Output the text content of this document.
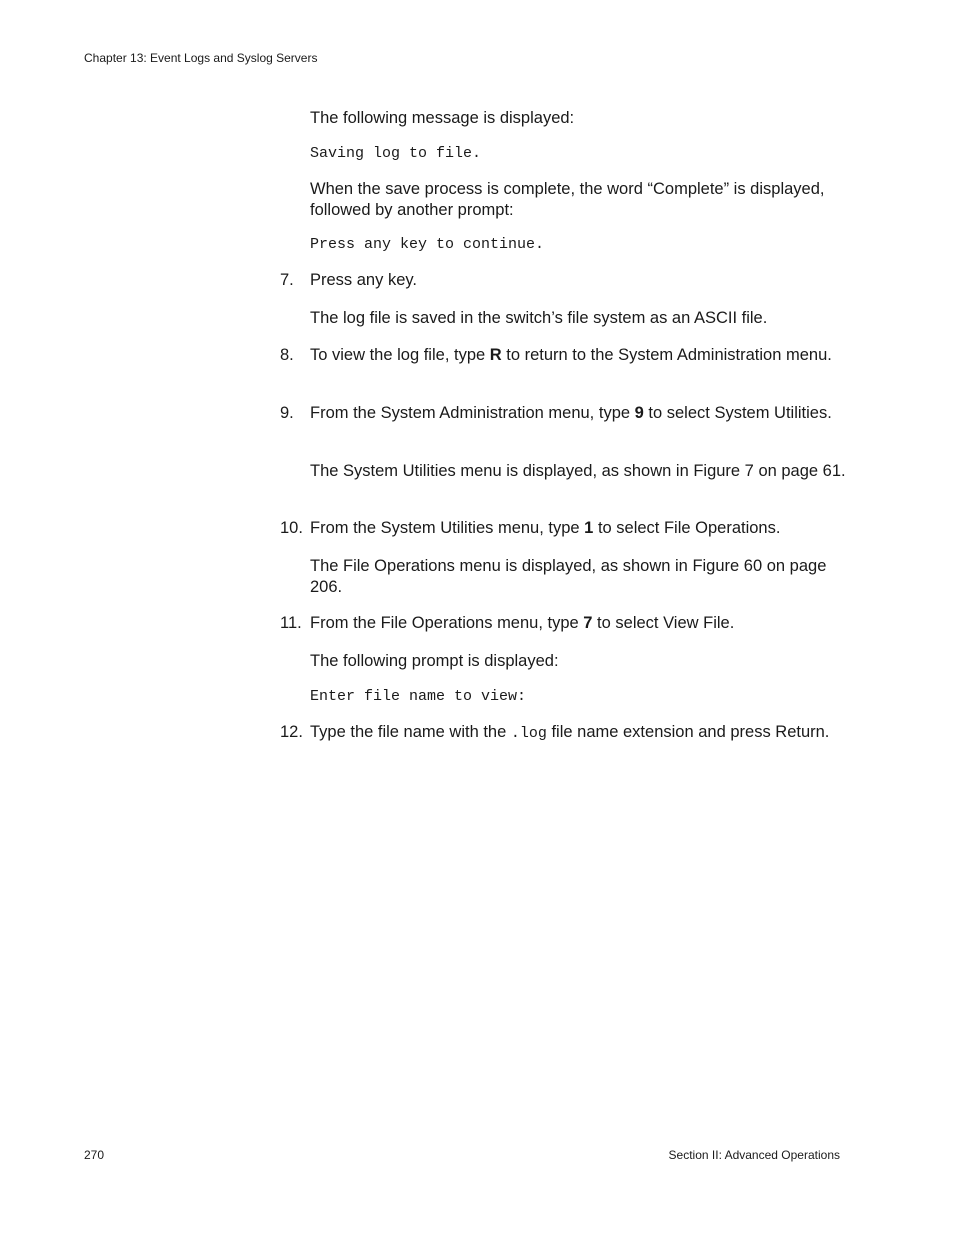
Chapter 13: Event Logs and Syslog Servers
The following message is displayed:
Saving log to file.
When the save process is complete, the word “Complete” is displayed, followed by another prompt:
Press any key to continue.
7. Press any key.
The log file is saved in the switch’s file system as an ASCII file.
8. To view the log file, type R to return to the System Administration menu.
9. From the System Administration menu, type 9 to select System Utilities.
The System Utilities menu is displayed, as shown in Figure 7 on page 61.
10. From the System Utilities menu, type 1 to select File Operations.
The File Operations menu is displayed, as shown in Figure 60 on page 206.
11. From the File Operations menu, type 7 to select View File.
The following prompt is displayed:
Enter file name to view:
12. Type the file name with the .log file name extension and press Return.
270	Section II: Advanced Operations
